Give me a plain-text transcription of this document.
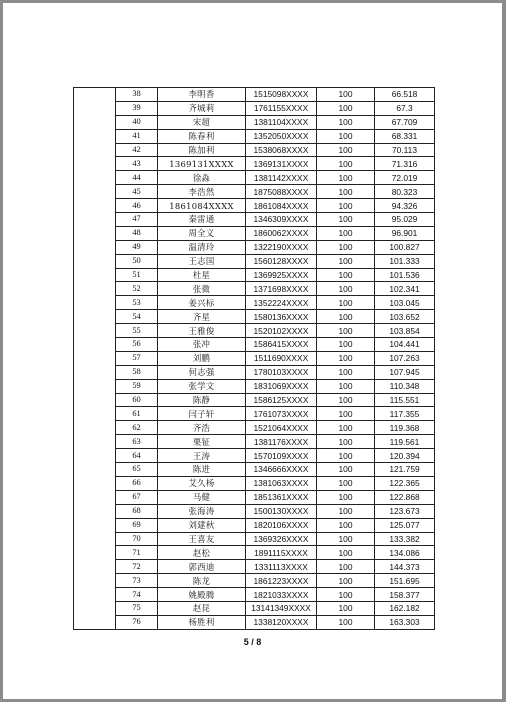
	38	李明香	1515098XXXX	100	66.518
	39	齐城莉	1761155XXXX	100	67.3
	40	宋超	1381104XXXX	100	67.709
	41	陈春利	1352050XXXX	100	68.331
	42	陈加利	1538068XXXX	100	70.113
	43	1369131XXXX	1369131XXXX	100	71.316
	44	徐淼	1381142XXXX	100	72.019
	45	李浩然	1875088XXXX	100	80.323
	46	1861084XXXX	1861084XXXX	100	94.326
	47	秦雷通	1346309XXXX	100	95.029
	48	周全义	1860062XXXX	100	96.901
	49	温清玲	1322190XXXX	100	100.827
	50	王志国	1560128XXXX	100	101.333
	51	杜星	1369925XXXX	100	101.536
	52	张微	1371698XXXX	100	102.341
	53	姜兴标	1352224XXXX	100	103.045
	54	齐星	1580136XXXX	100	103.652
	55	王雅俊	1520102XXXX	100	103.854
	56	张冲	1586415XXXX	100	104.441
	57	刘鹏	1511690XXXX	100	107.263
	58	何志强	1780103XXXX	100	107.945
	59	张学文	1831069XXXX	100	110.348
	60	陈静	1586125XXXX	100	115.551
	61	闫子轩	1761073XXXX	100	117.355
	62	齐浩	1521064XXXX	100	119.368
	63	栗钲	1381176XXXX	100	119.561
	64	王涛	1570109XXXX	100	120.394
	65	陈进	1346666XXXX	100	121.759
	66	艾久杨	1381063XXXX	100	122.365
	67	马健	1851361XXXX	100	122.868
	68	张海涛	1500130XXXX	100	123.673
	69	刘建秋	1820106XXXX	100	125.077
	70	王喜友	1369326XXXX	100	133.382
	71	赵松	1891115XXXX	100	134.086
	72	郭西迪	1331113XXXX	100	144.373
	73	陈龙	1861223XXXX	100	151.695
	74	姚殿腾	1821033XXXX	100	158.377
	75	赵昆	13141349XXXX	100	162.182
	76	杨胜利	1338120XXXX	100	163.303
5 / 8
